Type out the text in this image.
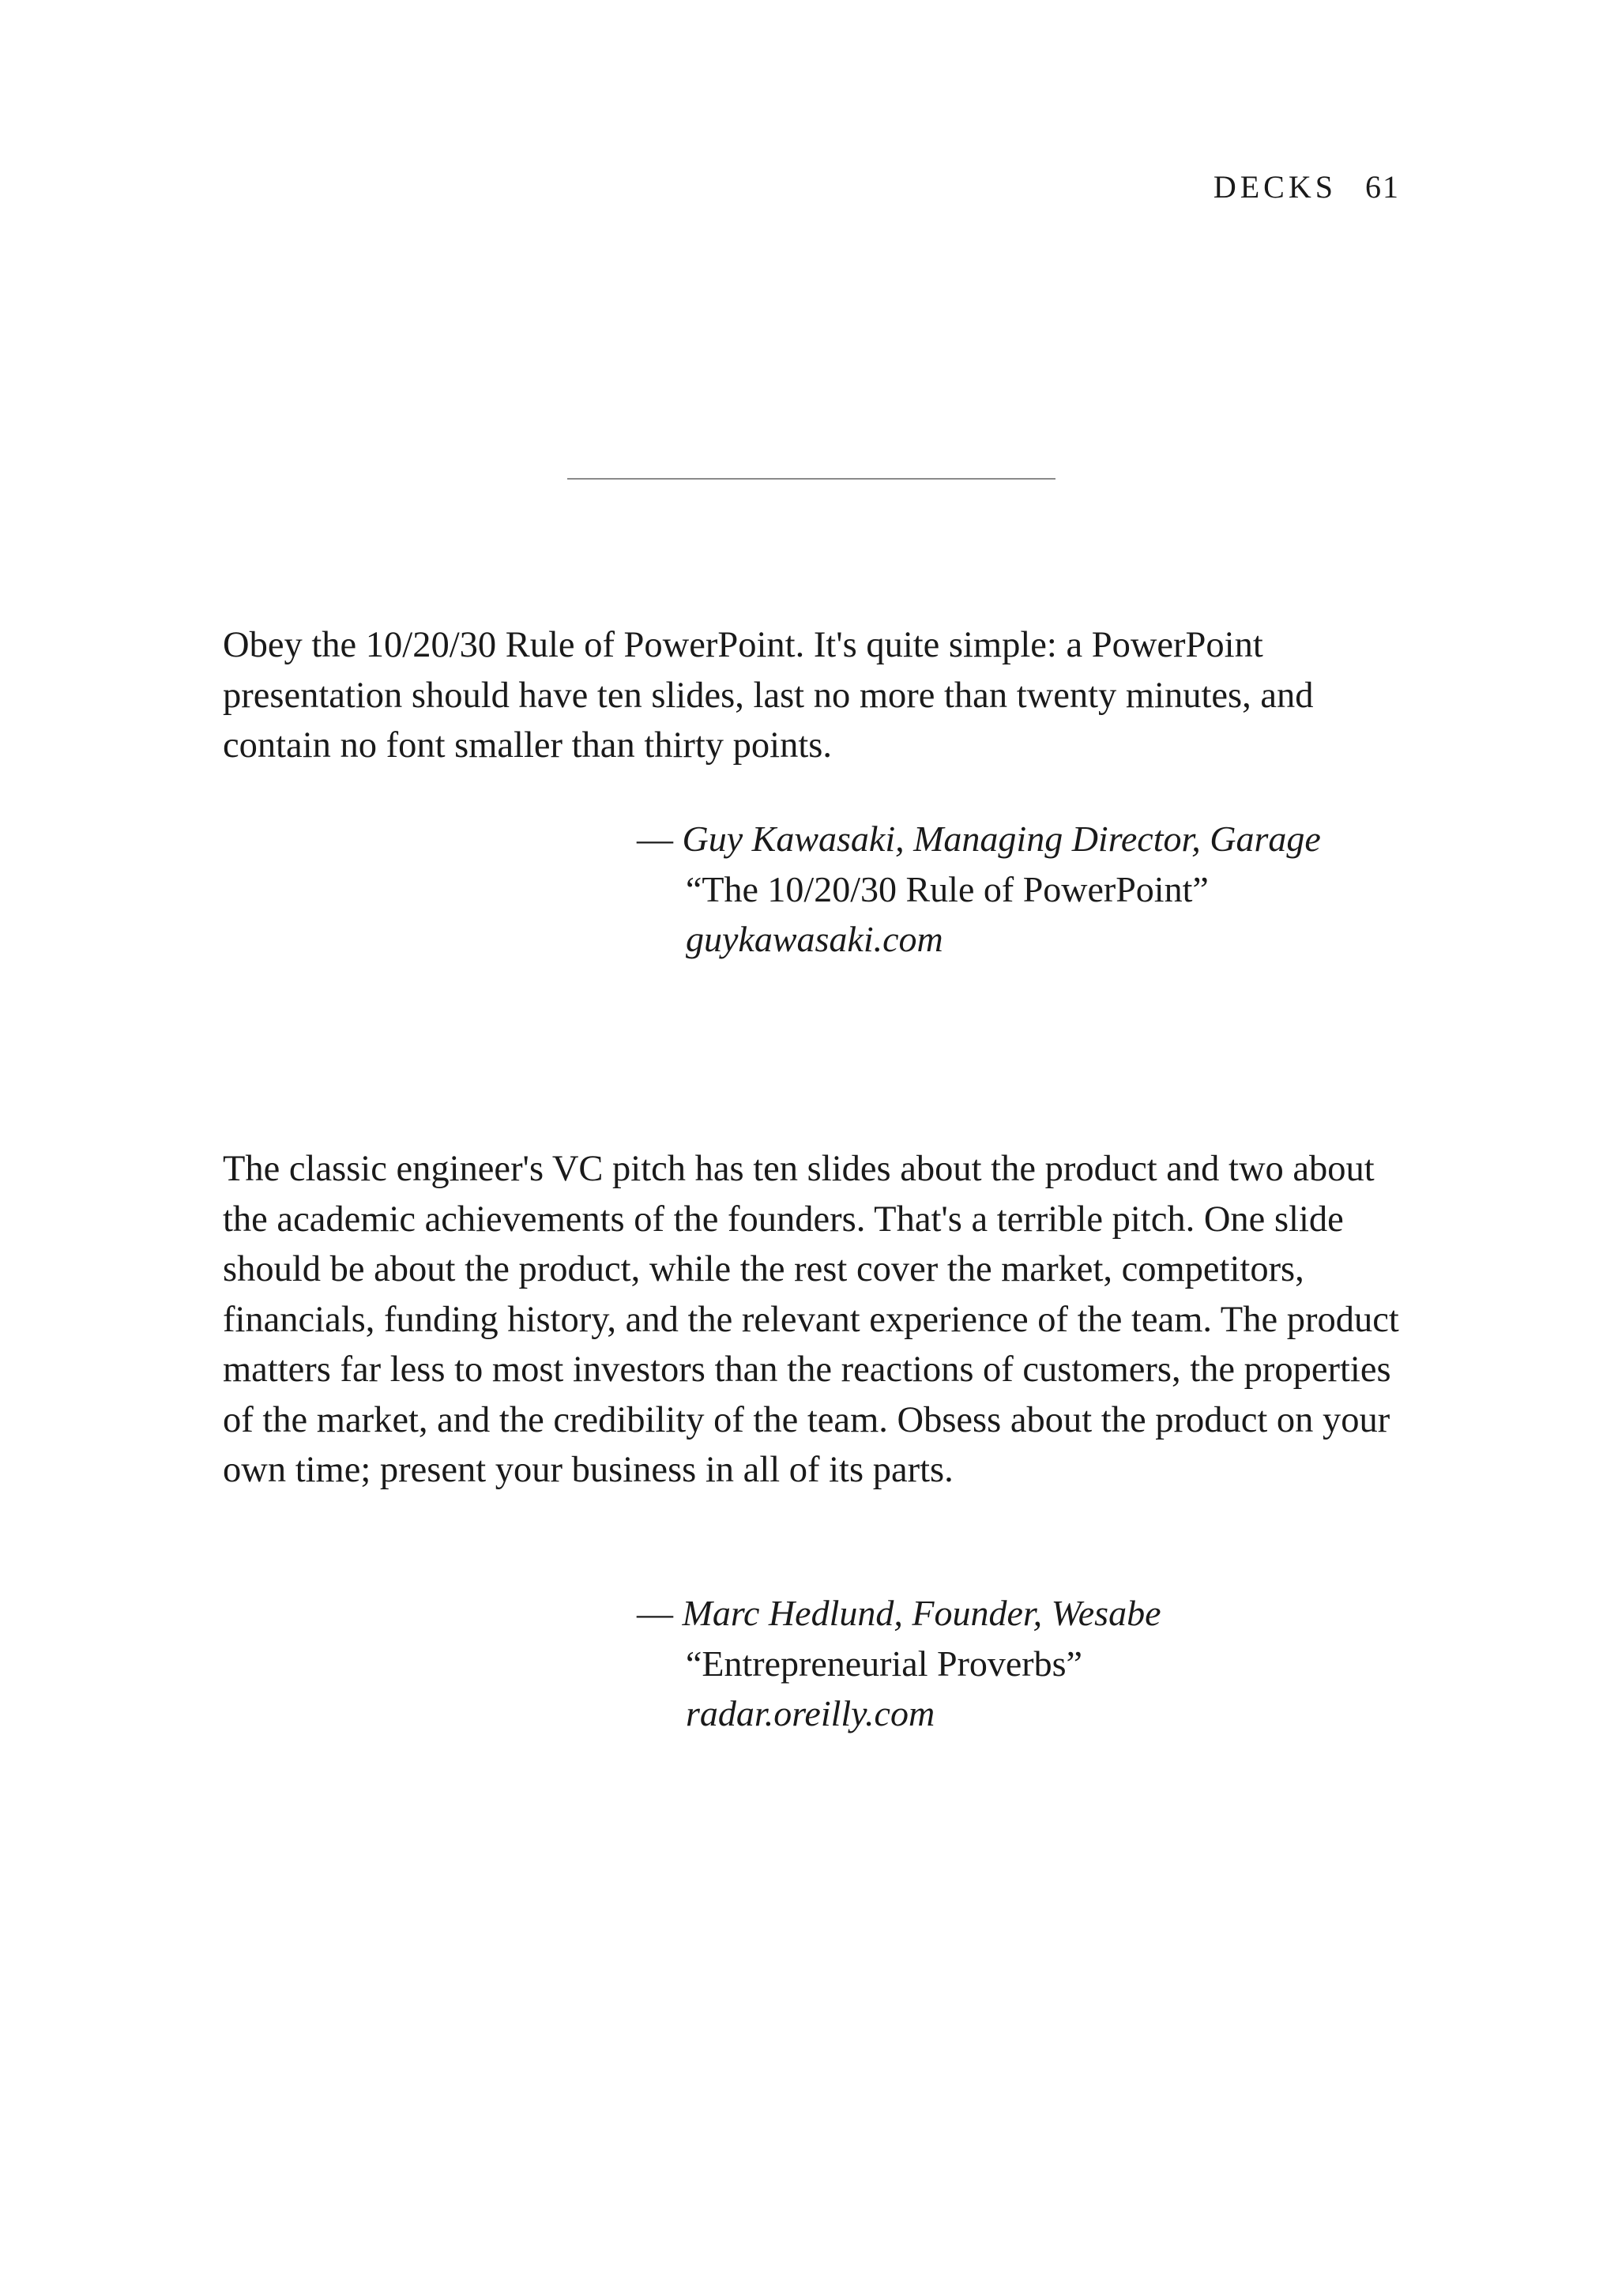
DECKS 61

Obey the 10/20/30 Rule of PowerPoint. It's quite simple: a PowerPoint presentation should have ten slides, last no more than twenty minutes, and contain no font smaller than thirty points.

— Guy Kawasaki, Managing Director, Garage
“The 10/20/30 Rule of PowerPoint”
guykawasaki.com

The classic engineer's VC pitch has ten slides about the product and two about the academic achievements of the founders. That's a terrible pitch. One slide should be about the product, while the rest cover the market, competitors, financials, funding history, and the relevant experience of the team. The product matters far less to most investors than the reactions of customers, the properties of the market, and the credibility of the team. Obsess about the product on your own time; present your business in all of its parts.

— Marc Hedlund, Founder, Wesabe
“Entrepreneurial Proverbs”
radar.oreilly.com
